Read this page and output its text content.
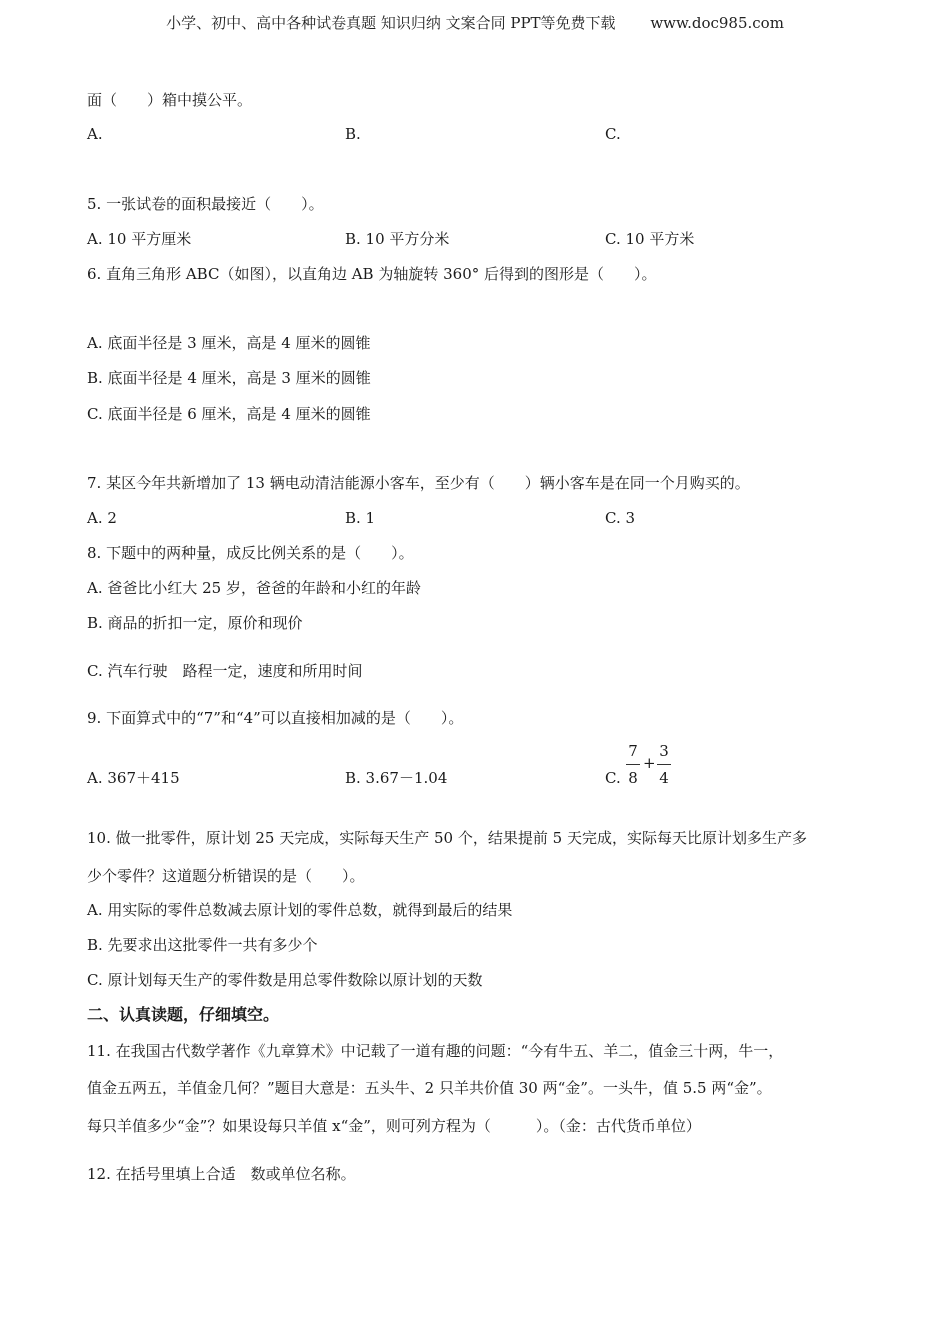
小学、初中、高中各种试卷真题 知识归纳 文案合同 PPT等免费下载 www.doc985.com
面（　　）箱中摸公平。
A.	B.	C.
5. 一张试卷的面积最接近（　　）。
A. 10 平方厘米	B. 10 平方分米	C. 10 平方米
6. 直角三角形 ABC（如图），以直角边 AB 为轴旋转 360° 后得到的图形是（　　）。
A. 底面半径是 3 厘米，高是 4 厘米的圆锥
B. 底面半径是 4 厘米，高是 3 厘米的圆锥
C. 底面半径是 6 厘米，高是 4 厘米的圆锥
7. 某区今年共新增加了 13 辆电动清洁能源小客车，至少有（　　）辆小客车是在同一个月购买的。
A. 2	B. 1	C. 3
8. 下题中的两种量，成反比例关系的是（　　）。
A. 爸爸比小红大 25 岁，爸爸的年龄和小红的年龄
B. 商品的折扣一定，原价和现价
C. 汽车行驶　路程一定，速度和所用时间
9. 下面算式中的“7”和“4”可以直接相加减的是（　　）。
A. 367＋415	B. 3.67－1.04	C.
7
8
+
3
4
10. 做一批零件，原计划 25 天完成，实际每天生产 50 个，结果提前 5 天完成，实际每天比原计划多生产多
少个零件？这道题分析错误的是（　　）。
A. 用实际的零件总数减去原计划的零件总数，就得到最后的结果
B. 先要求出这批零件一共有多少个
C. 原计划每天生产的零件数是用总零件数除以原计划的天数
二、认真读题，仔细填空。
11. 在我国古代数学著作《九章算术》中记载了一道有趣的问题：“今有牛五、羊二，值金三十两，牛一，
值金五两五，羊值金几何？”题目大意是：五头牛、2 只羊共价值 30 两“金”。一头牛，值 5.5 两“金”。
每只羊值多少“金”？如果设每只羊值 x“金”，则可列方程为（　　　）。（金：古代货币单位）
12. 在括号里填上合适　数或单位名称。
